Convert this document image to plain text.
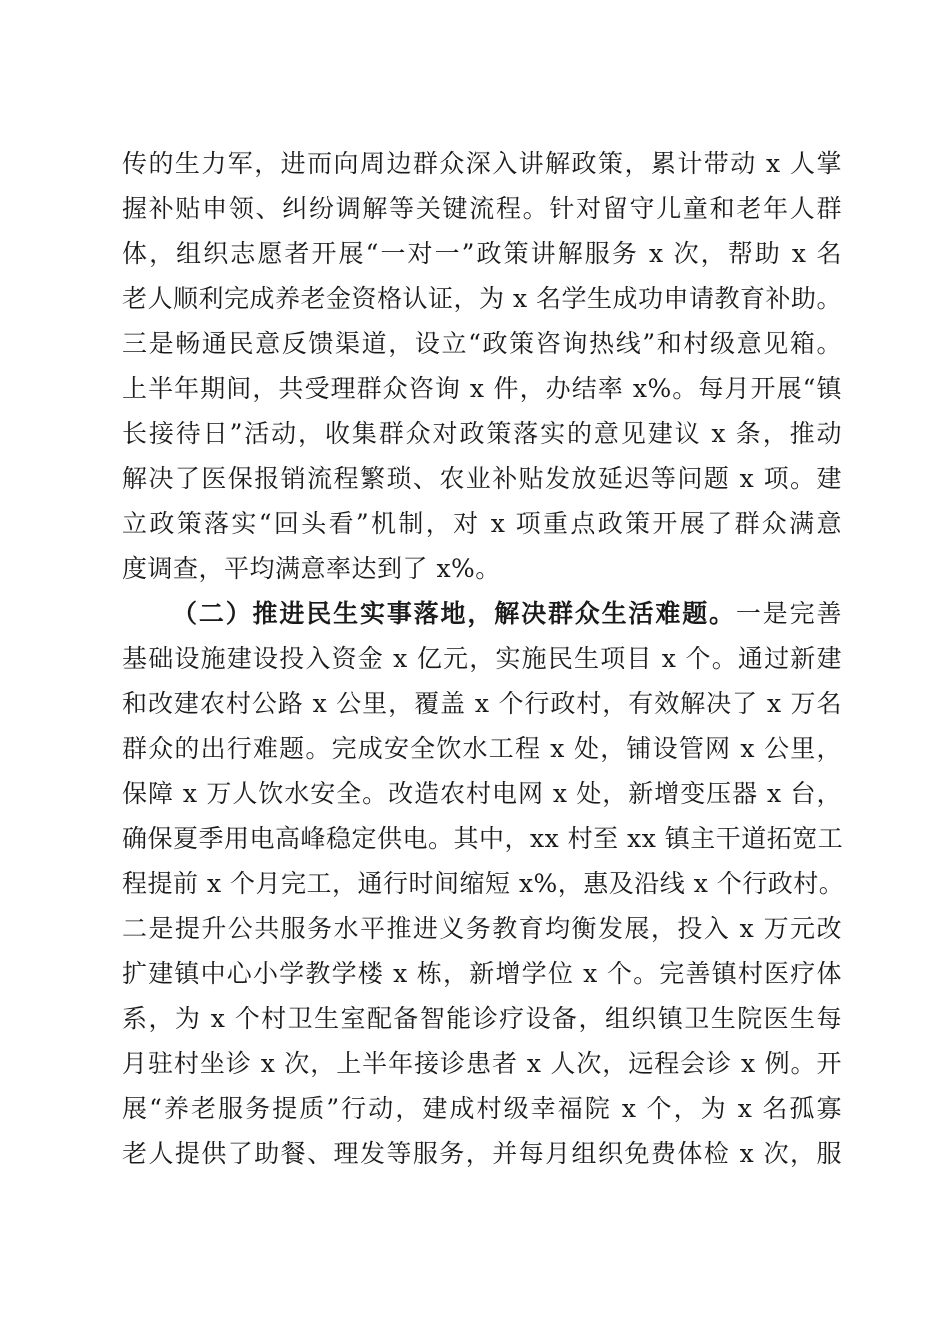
传的生力军，进而向周边群众深入讲解政策，累计带动 x 人掌
握补贴申领、纠纷调解等关键流程。针对留守儿童和老年人群
体，组织志愿者开展“一对一”政策讲解服务 x 次，帮助 x 名
老人顺利完成养老金资格认证，为 x 名学生成功申请教育补助。
三是畅通民意反馈渠道，设立“政策咨询热线”和村级意见箱。
上半年期间，共受理群众咨询 x 件，办结率 x%。每月开展“镇
长接待日”活动，收集群众对政策落实的意见建议 x 条，推动
解决了医保报销流程繁琐、农业补贴发放延迟等问题 x 项。建
立政策落实“回头看”机制，对 x 项重点政策开展了群众满意
度调查，平均满意率达到了 x%。
（二）推进民生实事落地，解决群众生活难题。一是完善
基础设施建设投入资金 x 亿元，实施民生项目 x 个。通过新建
和改建农村公路 x 公里，覆盖 x 个行政村，有效解决了 x 万名
群众的出行难题。完成安全饮水工程 x 处，铺设管网 x 公里，
保障 x 万人饮水安全。改造农村电网 x 处，新增变压器 x 台，
确保夏季用电高峰稳定供电。其中，xx 村至 xx 镇主干道拓宽工
程提前 x 个月完工，通行时间缩短 x%，惠及沿线 x 个行政村。
二是提升公共服务水平推进义务教育均衡发展，投入 x 万元改
扩建镇中心小学教学楼 x 栋，新增学位 x 个。完善镇村医疗体
系，为 x 个村卫生室配备智能诊疗设备，组织镇卫生院医生每
月驻村坐诊 x 次，上半年接诊患者 x 人次，远程会诊 x 例。开
展“养老服务提质”行动，建成村级幸福院 x 个，为 x 名孤寡
老人提供了助餐、理发等服务，并每月组织免费体检 x 次，服
